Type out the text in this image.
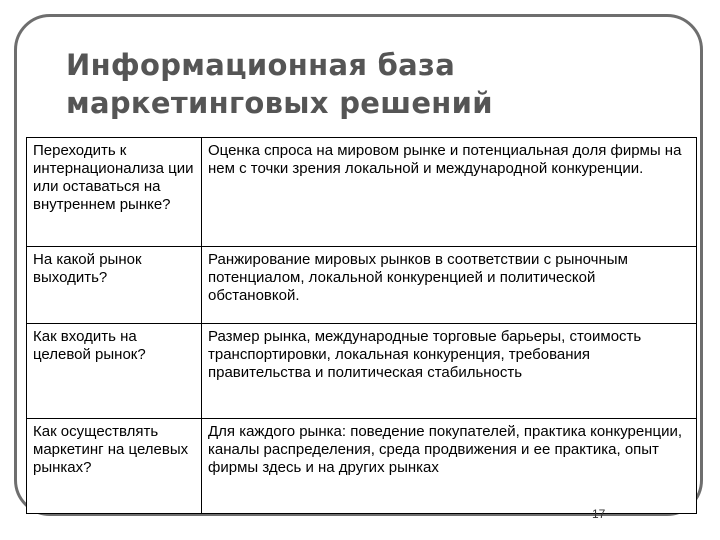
Информационная база
маркетинговых решений
Переходить к интернационализа ции или оставаться на внутреннем рынке?	Оценка спроса на мировом рынке и потенциальная доля фирмы на нем с точки зрения локальной и международной конкуренции.
На какой рынок выходить?	Ранжирование мировых рынков в соответствии с рыночным потенциалом, локальной конкуренцией и политической обстановкой.
Как входить на целевой рынок?	Размер рынка, международные торговые барьеры, стоимость транспортировки, локальная конкуренция, требования правительства и политическая стабильность
Как осуществлять маркетинг на целевых рынках?	Для каждого рынка: поведение покупателей, практика конкуренции, каналы распределения, среда продвижения и ее практика, опыт фирмы здесь и на других рынках
17
